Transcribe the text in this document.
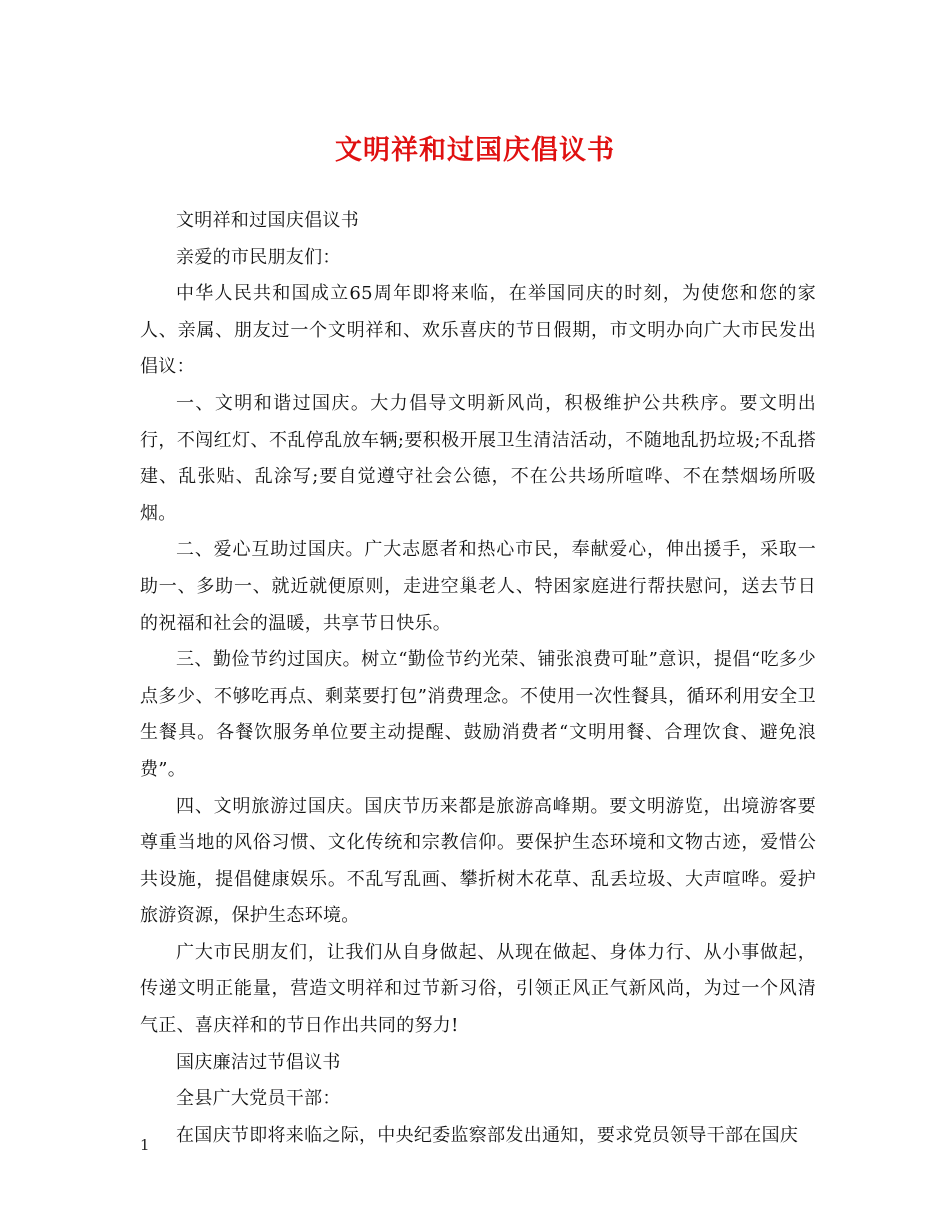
文明祥和过国庆倡议书

文明祥和过国庆倡议书

亲爱的市民朋友们：

中华人民共和国成立65周年即将来临，在举国同庆的时刻，为使您和您的家人、亲属、朋友过一个文明祥和、欢乐喜庆的节日假期，市文明办向广大市民发出倡议：

一、文明和谐过国庆。大力倡导文明新风尚，积极维护公共秩序。要文明出行，不闯红灯、不乱停乱放车辆;要积极开展卫生清洁活动，不随地乱扔垃圾;不乱搭建、乱张贴、乱涂写;要自觉遵守社会公德，不在公共场所喧哗、不在禁烟场所吸烟。

二、爱心互助过国庆。广大志愿者和热心市民，奉献爱心，伸出援手，采取一助一、多助一、就近就便原则，走进空巢老人、特困家庭进行帮扶慰问，送去节日的祝福和社会的温暖，共享节日快乐。

三、勤俭节约过国庆。树立“勤俭节约光荣、铺张浪费可耻”意识，提倡“吃多少点多少、不够吃再点、剩菜要打包”消费理念。不使用一次性餐具，循环利用安全卫生餐具。各餐饮服务单位要主动提醒、鼓励消费者“文明用餐、合理饮食、避免浪费”。

四、文明旅游过国庆。国庆节历来都是旅游高峰期。要文明游览，出境游客要尊重当地的风俗习惯、文化传统和宗教信仰。要保护生态环境和文物古迹，爱惜公共设施，提倡健康娱乐。不乱写乱画、攀折树木花草、乱丢垃圾、大声喧哗。爱护旅游资源，保护生态环境。

广大市民朋友们，让我们从自身做起、从现在做起、身体力行、从小事做起，传递文明正能量，营造文明祥和过节新习俗，引领正风正气新风尚，为过一个风清气正、喜庆祥和的节日作出共同的努力!

国庆廉洁过节倡议书

全县广大党员干部：

在国庆节即将来临之际，中央纪委监察部发出通知，要求党员领导干部在国庆

1
